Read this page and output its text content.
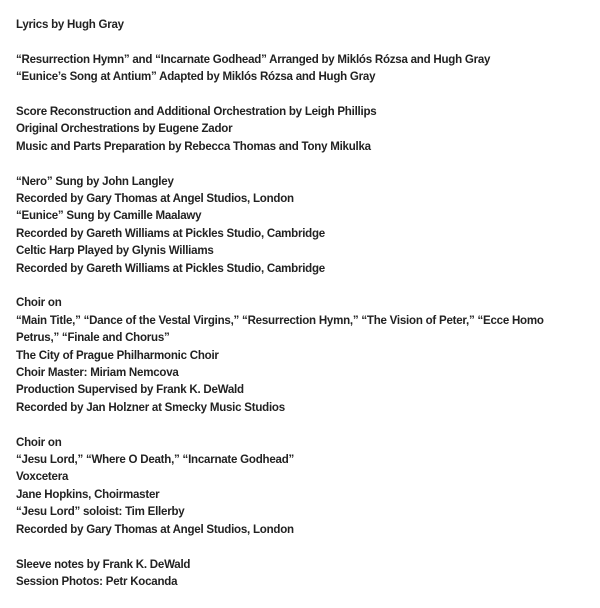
Lyrics by Hugh Gray
“Resurrection Hymn” and “Incarnate Godhead” Arranged by Miklós Rózsa and Hugh Gray
“Eunice’s Song at Antium” Adapted by Miklós Rózsa and Hugh Gray
Score Reconstruction and Additional Orchestration by Leigh Phillips
Original Orchestrations by Eugene Zador
Music and Parts Preparation by Rebecca Thomas and Tony Mikulka
“Nero” Sung by John Langley
Recorded by Gary Thomas at Angel Studios, London
“Eunice” Sung by Camille Maalawy
Recorded by Gareth Williams at Pickles Studio, Cambridge
Celtic Harp Played by Glynis Williams
Recorded by Gareth Williams at Pickles Studio, Cambridge
Choir on
“Main Title,” “Dance of the Vestal Virgins,” “Resurrection Hymn,” “The Vision of Peter,” “Ecce Homo Petrus,” “Finale and Chorus”
The City of Prague Philharmonic Choir
Choir Master: Miriam Nemcova
Production Supervised by Frank K. DeWald
Recorded by Jan Holzner at Smecky Music Studios
Choir on
“Jesu Lord,” “Where O Death,” “Incarnate Godhead”
Voxcetera
Jane Hopkins, Choirmaster
“Jesu Lord” soloist: Tim Ellerby
Recorded by Gary Thomas at Angel Studios, London
Sleeve notes by Frank K. DeWald
Session Photos: Petr Kocanda
